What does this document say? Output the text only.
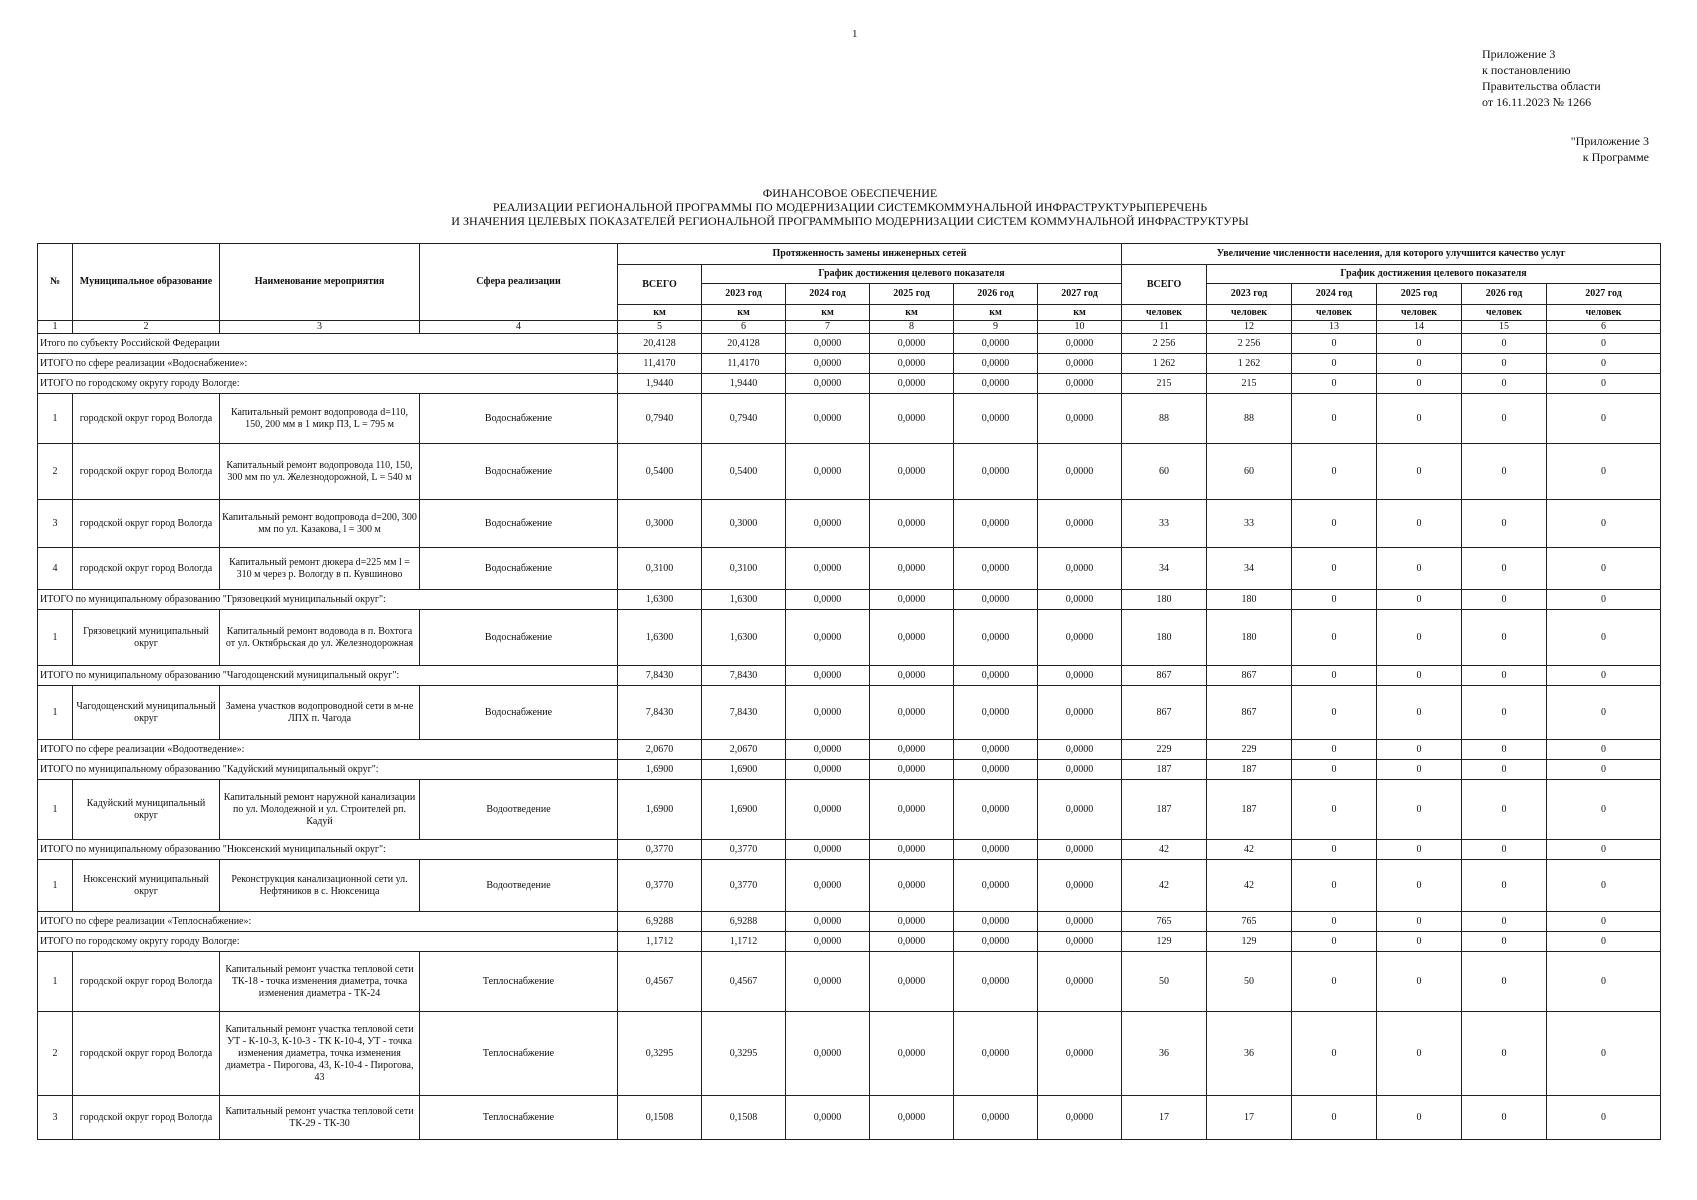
1
Приложение 3
к постановлению
Правительства области
от 16.11.2023 № 1266
"Приложение 3
к Программе
ФИНАНСОВОЕ ОБЕСПЕЧЕНИЕ
РЕАЛИЗАЦИИ РЕГИОНАЛЬНОЙ ПРОГРАММЫ ПО МОДЕРНИЗАЦИИ СИСТЕМКОММУНАЛЬНОЙ ИНФРАСТРУКТУРЫПЕРЕЧЕНЬ
И ЗНАЧЕНИЯ ЦЕЛЕВЫХ ПОКАЗАТЕЛЕЙ РЕГИОНАЛЬНОЙ ПРОГРАММЫПО МОДЕРНИЗАЦИИ СИСТЕМ КОММУНАЛЬНОЙ ИНФРАСТРУКТУРЫ
№	Муниципальное образование	Наименование мероприятия	Сфера реализации	Протяженность замены инженерных сетей						Увеличение численности населения, для которого улучшится качество услуг					
				ВСЕГО	График достижения целевого показателя					ВСЕГО	График достижения целевого показателя				
					2023 год	2024 год	2025 год	2026 год	2027 год		2023 год	2024 год	2025 год	2026 год	2027 год
				км	км	км	км	км	км	человек	человек	человек	человек	человек	человек
1	2	3	4	5	6	7	8	9	10	11	12	13	14	15	6
Итого по субъекту Российской Федерации				20,4128	20,4128	0,0000	0,0000	0,0000	0,0000	2 256	2 256	0	0	0	0
ИТОГО по сфере реализации «Водоснабжение»:				11,4170	11,4170	0,0000	0,0000	0,0000	0,0000	1 262	1 262	0	0	0	0
ИТОГО по городскому округу городу Вологде:				1,9440	1,9440	0,0000	0,0000	0,0000	0,0000	215	215	0	0	0	0
1	городской округ город Вологда	Капитальный ремонт водопровода d=110, 150, 200 мм в 1 микр ПЗ, L = 795 м	Водоснабжение	0,7940	0,7940	0,0000	0,0000	0,0000	0,0000	88	88	0	0	0	0
2	городской округ город Вологда	Капитальный ремонт водопровода 110, 150, 300 мм по ул. Железнодорожной, L = 540 м	Водоснабжение	0,5400	0,5400	0,0000	0,0000	0,0000	0,0000	60	60	0	0	0	0
3	городской округ город Вологда	Капитальный ремонт водопровода d=200, 300 мм по ул. Казакова, l = 300 м	Водоснабжение	0,3000	0,3000	0,0000	0,0000	0,0000	0,0000	33	33	0	0	0	0
4	городской округ город Вологда	Капитальный ремонт дюкера d=225 мм l = 310 м через р. Вологду в п. Кувшиново	Водоснабжение	0,3100	0,3100	0,0000	0,0000	0,0000	0,0000	34	34	0	0	0	0
ИТОГО по муниципальному образованию "Грязовецкий муниципальный округ":				1,6300	1,6300	0,0000	0,0000	0,0000	0,0000	180	180	0	0	0	0
1	Грязовецкий муниципальный округ	Капитальный ремонт водовода в п. Вохтога от ул. Октябрьская до ул. Железнодорожная	Водоснабжение	1,6300	1,6300	0,0000	0,0000	0,0000	0,0000	180	180	0	0	0	0
ИТОГО по муниципальному образованию "Чагодощенский муниципальный округ":				7,8430	7,8430	0,0000	0,0000	0,0000	0,0000	867	867	0	0	0	0
1	Чагодощенский муниципальный округ	Замена участков водопроводной сети в м-не ЛПХ п. Чагода	Водоснабжение	7,8430	7,8430	0,0000	0,0000	0,0000	0,0000	867	867	0	0	0	0
ИТОГО по сфере реализации «Водоотведение»:				2,0670	2,0670	0,0000	0,0000	0,0000	0,0000	229	229	0	0	0	0
ИТОГО по муниципальному образованию "Кадуйский муниципальный округ":				1,6900	1,6900	0,0000	0,0000	0,0000	0,0000	187	187	0	0	0	0
1	Кадуйский муниципальный округ	Капитальный ремонт наружной канализации по ул. Молодежной и ул. Строителей рп. Кадуй	Водоотведение	1,6900	1,6900	0,0000	0,0000	0,0000	0,0000	187	187	0	0	0	0
ИТОГО по муниципальному образованию "Нюксенский муниципальный округ":				0,3770	0,3770	0,0000	0,0000	0,0000	0,0000	42	42	0	0	0	0
1	Нюксенский муниципальный округ	Реконструкция канализационной сети ул. Нефтяников в с. Нюксеница	Водоотведение	0,3770	0,3770	0,0000	0,0000	0,0000	0,0000	42	42	0	0	0	0
ИТОГО по сфере реализации «Теплоснабжение»:				6,9288	6,9288	0,0000	0,0000	0,0000	0,0000	765	765	0	0	0	0
ИТОГО по городскому округу городу Вологде:				1,1712	1,1712	0,0000	0,0000	0,0000	0,0000	129	129	0	0	0	0
1	городской округ город Вологда	Капитальный ремонт участка тепловой сети ТК-18 - точка изменения диаметра, точка изменения диаметра - ТК-24	Теплоснабжение	0,4567	0,4567	0,0000	0,0000	0,0000	0,0000	50	50	0	0	0	0
2	городской округ город Вологда	Капитальный ремонт участка тепловой сети УТ - К-10-3, К-10-3 - ТК К-10-4, УТ - точка изменения диаметра, точка изменения диаметра - Пирогова, 43, К-10-4 - Пирогова, 43	Теплоснабжение	0,3295	0,3295	0,0000	0,0000	0,0000	0,0000	36	36	0	0	0	0
3	городской округ город Вологда	Капитальный ремонт участка тепловой сети ТК-29 - ТК-30	Теплоснабжение	0,1508	0,1508	0,0000	0,0000	0,0000	0,0000	17	17	0	0	0	0
